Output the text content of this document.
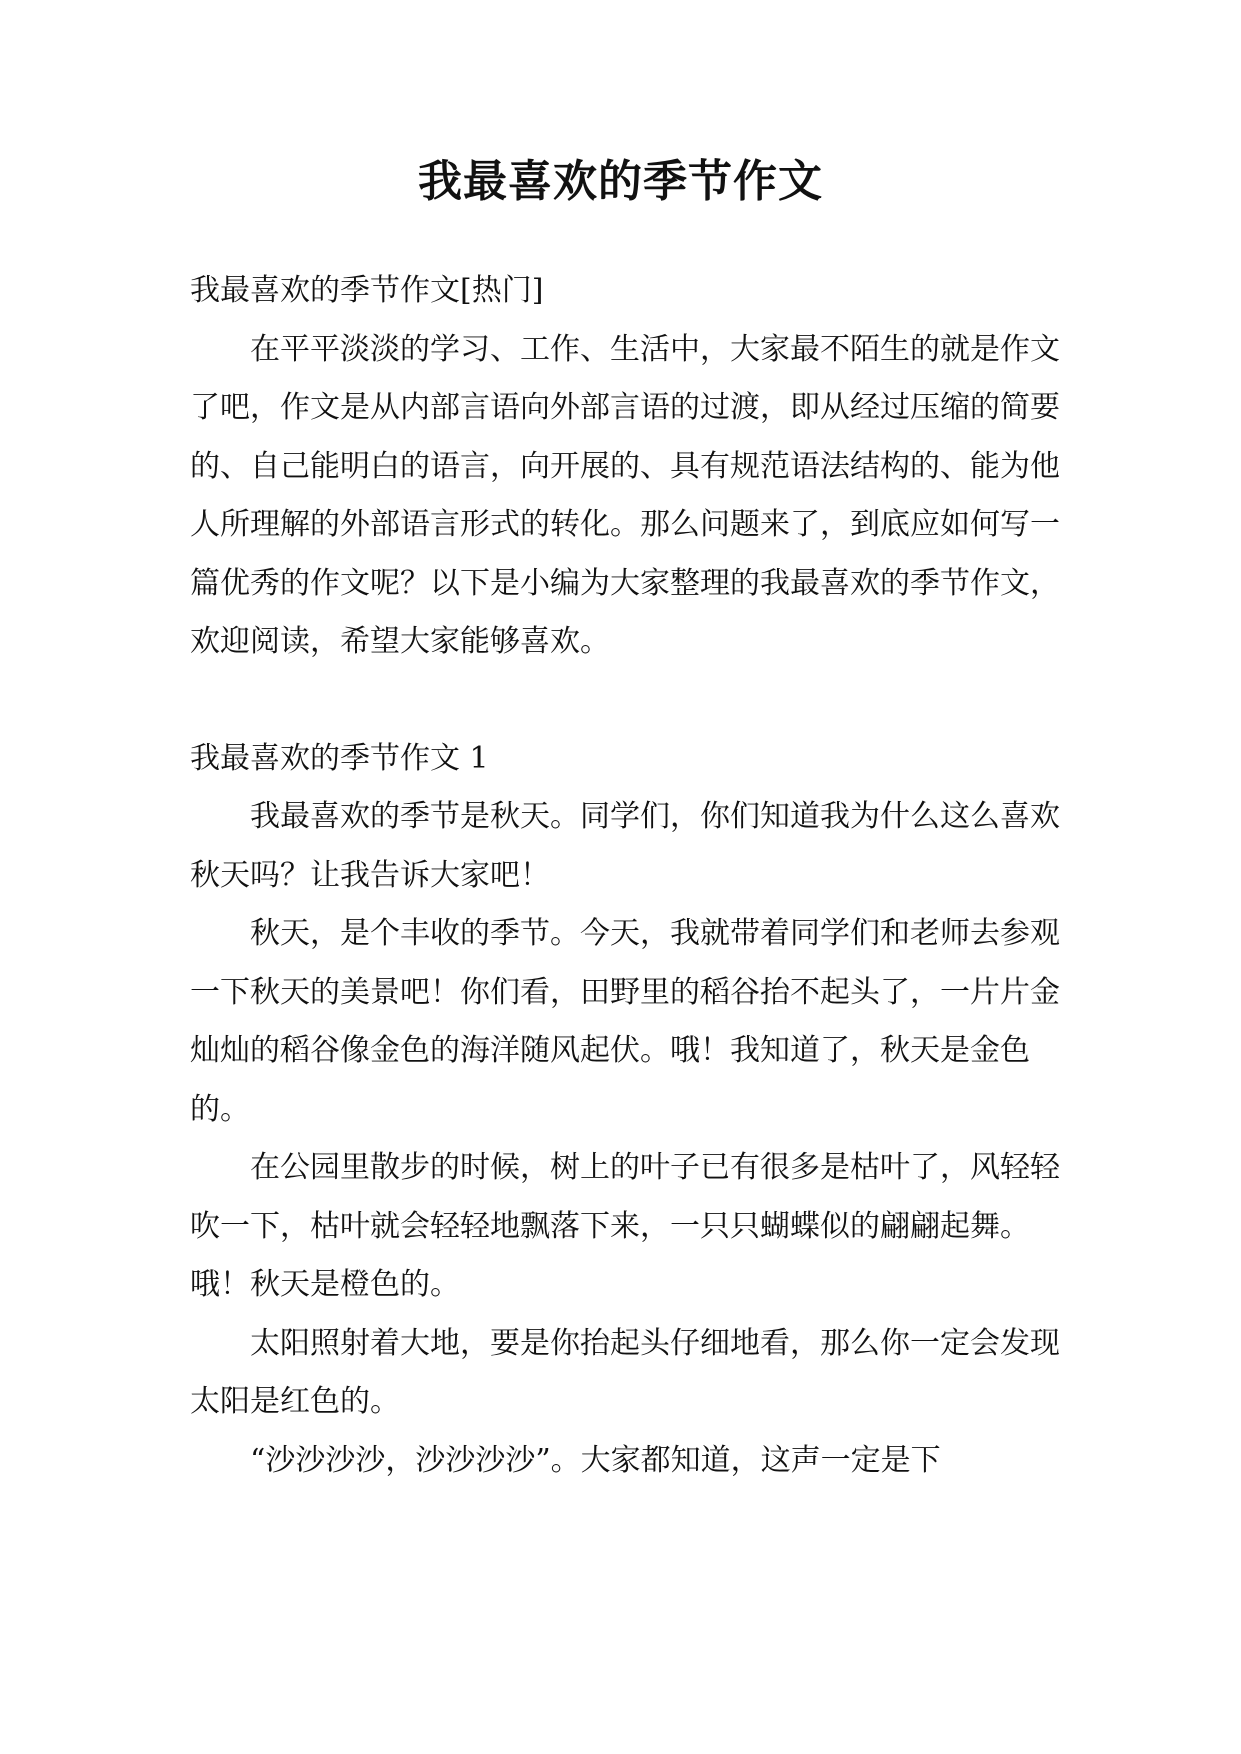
我最喜欢的季节作文

我最喜欢的季节作文[热门]

在平平淡淡的学习、工作、生活中，大家最不陌生的就是作文了吧，作文是从内部言语向外部言语的过渡，即从经过压缩的简要的、自己能明白的语言，向开展的、具有规范语法结构的、能为他人所理解的外部语言形式的转化。那么问题来了，到底应如何写一篇优秀的作文呢？以下是小编为大家整理的我最喜欢的季节作文，欢迎阅读，希望大家能够喜欢。

我最喜欢的季节作文 1

我最喜欢的季节是秋天。同学们，你们知道我为什么这么喜欢秋天吗？让我告诉大家吧！

秋天，是个丰收的季节。今天，我就带着同学们和老师去参观一下秋天的美景吧！你们看，田野里的稻谷抬不起头了，一片片金灿灿的稻谷像金色的海洋随风起伏。哦！我知道了，秋天是金色的。

在公园里散步的时候，树上的叶子已有很多是枯叶了，风轻轻吹一下，枯叶就会轻轻地飘落下来，一只只蝴蝶似的翩翩起舞。哦！秋天是橙色的。

太阳照射着大地，要是你抬起头仔细地看，那么你一定会发现太阳是红色的。

“沙沙沙沙，沙沙沙沙”。大家都知道，这声一定是下
